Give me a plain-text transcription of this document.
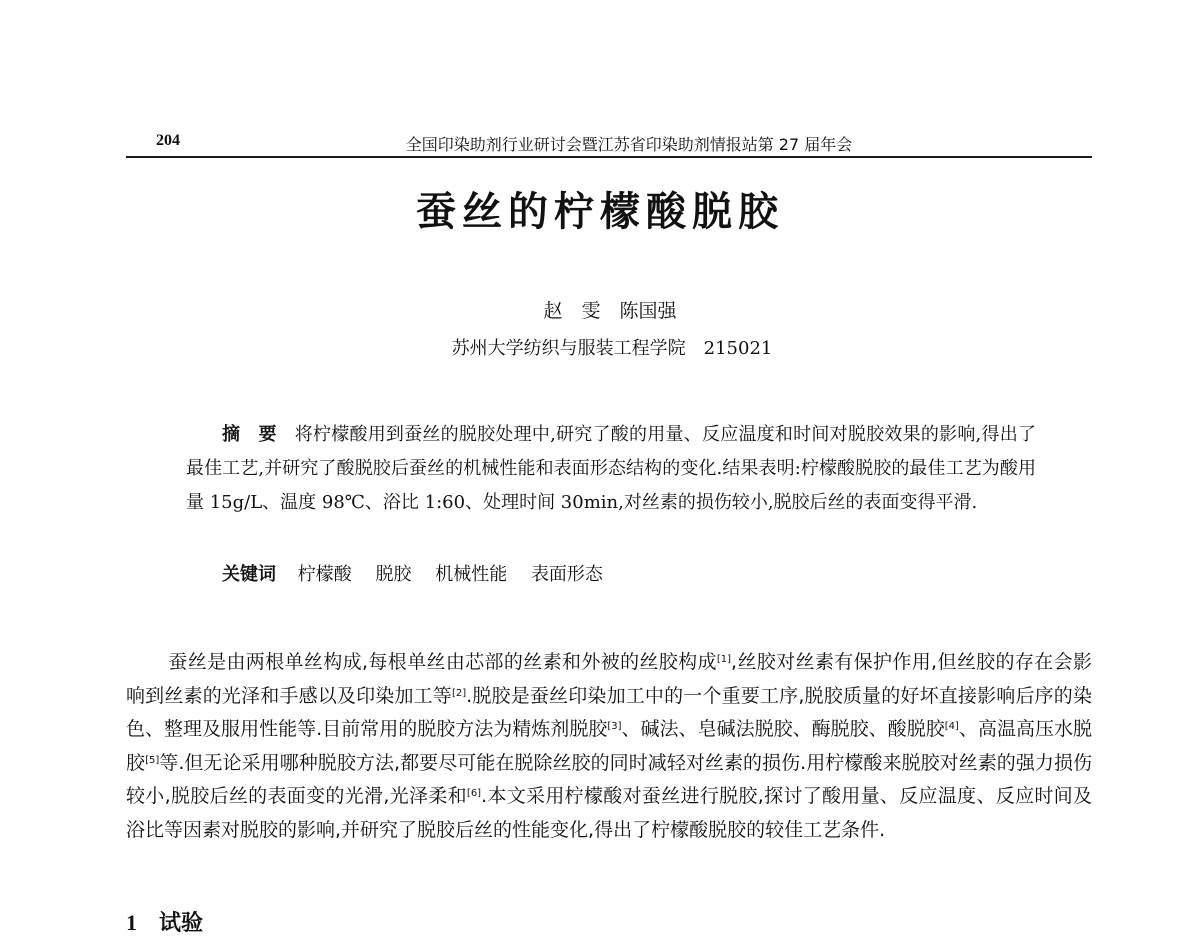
204	全国印染助剂行业研讨会暨江苏省印染助剂情报站第 27 届年会
蚕丝的柠檬酸脱胶
赵　雯　陈国强
苏州大学纺织与服装工程学院　215021
摘　要 将柠檬酸用到蚕丝的脱胶处理中,研究了酸的用量、反应温度和时间对脱胶效果的影响,得出了最佳工艺,并研究了酸脱胶后蚕丝的机械性能和表面形态结构的变化.结果表明:柠檬酸脱胶的最佳工艺为酸用量 15g/L、温度 98℃、浴比 1:60、处理时间 30min,对丝素的损伤较小,脱胶后丝的表面变得平滑.
关键词 柠檬酸 脱胶 机械性能 表面形态
蚕丝是由两根单丝构成,每根单丝由芯部的丝素和外被的丝胶构成[1],丝胶对丝素有保护作用,但丝胶的存在会影响到丝素的光泽和手感以及印染加工等[2].脱胶是蚕丝印染加工中的一个重要工序,脱胶质量的好坏直接影响后序的染色、整理及服用性能等.目前常用的脱胶方法为精炼剂脱胶[3]、碱法、皂碱法脱胶、酶脱胶、酸脱胶[4]、高温高压水脱胶[5]等.但无论采用哪种脱胶方法,都要尽可能在脱除丝胶的同时减轻对丝素的损伤.用柠檬酸来脱胶对丝素的强力损伤较小,脱胶后丝的表面变的光滑,光泽柔和[6].本文采用柠檬酸对蚕丝进行脱胶,探讨了酸用量、反应温度、反应时间及浴比等因素对脱胶的影响,并研究了脱胶后丝的性能变化,得出了柠檬酸脱胶的较佳工艺条件.
1 试验
